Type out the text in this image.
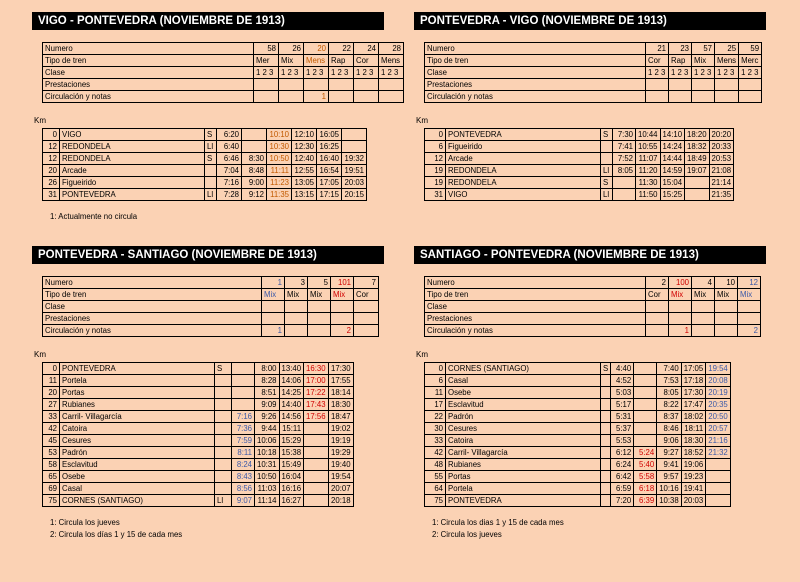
VIGO - PONTEVEDRA (NOVIEMBRE DE 1913)
Numero	58	26	20	22	24	28
Tipo de tren	Mer	Mix	Mens	Rap	Cor	Mens
Clase	1 2 3	1 2 3	1 2 3	1 2 3	1 2 3	1 2 3
Prestaciones						
Circulación y notas			1			
Km
0	VIGO	S	6:20		10:10	12:10	16:05	
12	REDONDELA	Ll	6:40		10:30	12:30	16:25	
12	REDONDELA	S	6:46	8:30	10:50	12:40	16:40	19:32
20	Arcade		7:04	8:48	11:11	12:55	16:54	19:51
26	Figueirido		7:16	9:00	11:23	13:05	17:05	20:03
31	PONTEVEDRA	Ll	7:28	9:12	11:35	13:15	17:15	20:15
1: Actualmente no circula
PONTEVEDRA - VIGO (NOVIEMBRE DE 1913)
Numero	21	23	57	25	59
Tipo de tren	Cor	Rap	Mix	Mens	Merc
Clase	1 2 3	1 2 3	1 2 3	1 2 3	1 2 3
Prestaciones					
Circulación y notas					
Km
0	PONTEVEDRA	S	7:30	10:44	14:10	18:20	20:20
6	Figueirido		7:41	10:55	14:24	18:32	20:33
12	Arcade		7:52	11:07	14:44	18:49	20:53
19	REDONDELA	Ll	8:05	11:20	14:59	19:07	21:08
19	REDONDELA	S		11:30	15:04		21:14
31	VIGO	Ll		11:50	15:25		21:35
PONTEVEDRA - SANTIAGO (NOVIEMBRE DE 1913)
Numero	1	3	5	101	7
Tipo de tren	Mix	Mix	Mix	Mix	Cor
Clase					
Prestaciones					
Circulación y notas	1			2	
Km
0	PONTEVEDRA	S		8:00	13:40	16:30	17:30
11	Portela			8:28	14:06	17:00	17:55
20	Portas			8:51	14:25	17:22	18:14
27	Rubianes			9:09	14:40	17:43	18:30
33	Carril- Villagarcía		7:16	9:26	14:56	17:56	18:47
42	Catoira		7:36	9:44	15:11		19:02
45	Cesures		7:59	10:06	15:29		19:19
53	Padrón		8:11	10:18	15:38		19:29
58	Esclavitud		8:24	10:31	15:49		19:40
65	Osebe		8:43	10:50	16:04		19:54
69	Casal		8:56	11:03	16:16		20:07
75	CORNES (SANTIAGO)	Ll	9:07	11:14	16:27		20:18
1: Circula los jueves
2: Circula los días 1 y 15 de cada mes
SANTIAGO - PONTEVEDRA (NOVIEMBRE DE 1913)
Numero	2	100	4	10	12
Tipo de tren	Cor	Mix	Mix	Mix	Mix
Clase					
Prestaciones					
Circulación y notas		1			2
Km
0	CORNES (SANTIAGO)	S	4:40		7:40	17:05	19:54
6	Casal		4:52		7:53	17:18	20:08
11	Osebe		5:03		8:05	17:30	20:19
17	Esclavitud		5:17		8:22	17:47	20:35
22	Padrón		5:31		8:37	18:02	20:50
30	Cesures		5:37		8:46	18:11	20:57
33	Catoira		5:53		9:06	18:30	21:16
42	Carril- Villagarcía		6:12	5:24	9:27	18:52	21:32
48	Rubianes		6:24	5:40	9:41	19:06	
55	Portas		6:42	5:58	9:57	19:23	
64	Portela		6:59	6:18	10:16	19:41	
75	PONTEVEDRA		7:20	6:39	10:38	20:03	
1: Circula los dias 1 y 15 de cada mes
2: Circula los jueves
